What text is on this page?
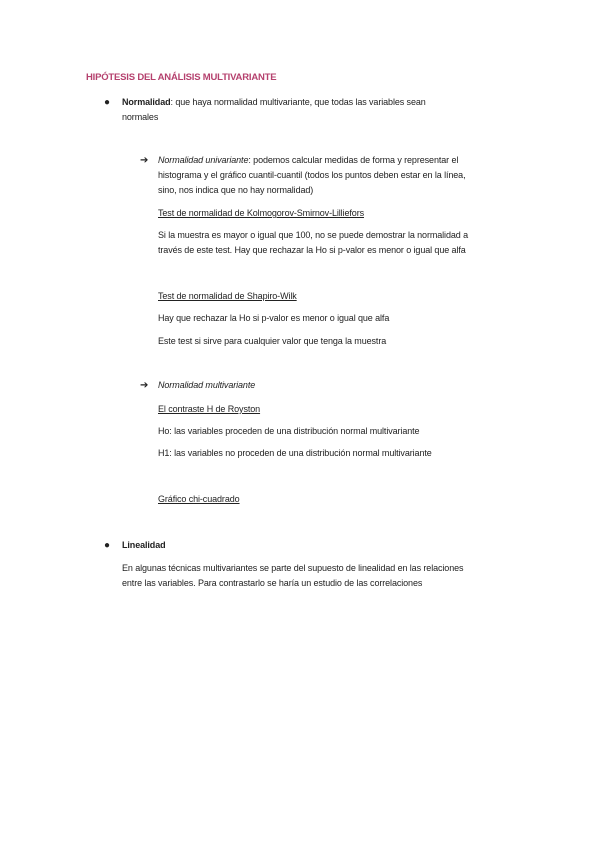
HIPÓTESIS DEL ANÁLISIS MULTIVARIANTE
● Normalidad: que haya normalidad multivariante, que todas las variables sean
normales
➔ Normalidad univariante: podemos calcular medidas de forma y representar el
histograma y el gráfico cuantil-cuantil (todos los puntos deben estar en la línea,
sino, nos indica que no hay normalidad)
Test de normalidad de Kolmogorov-Smirnov-Lilliefors
Si la muestra es mayor o igual que 100, no se puede demostrar la normalidad a
través de este test. Hay que rechazar la Ho si p-valor es menor o igual que alfa
Test de normalidad de Shapiro-Wilk
Hay que rechazar la Ho si p-valor es menor o igual que alfa
Este test si sirve para cualquier valor que tenga la muestra
➔ Normalidad multivariante
El contraste H de Royston
Ho: las variables proceden de una distribución normal multivariante
H1: las variables no proceden de una distribución normal multivariante
Gráfico chi-cuadrado
● Linealidad
En algunas técnicas multivariantes se parte del supuesto de linealidad en las relaciones
entre las variables. Para contrastarlo se haría un estudio de las correlaciones
